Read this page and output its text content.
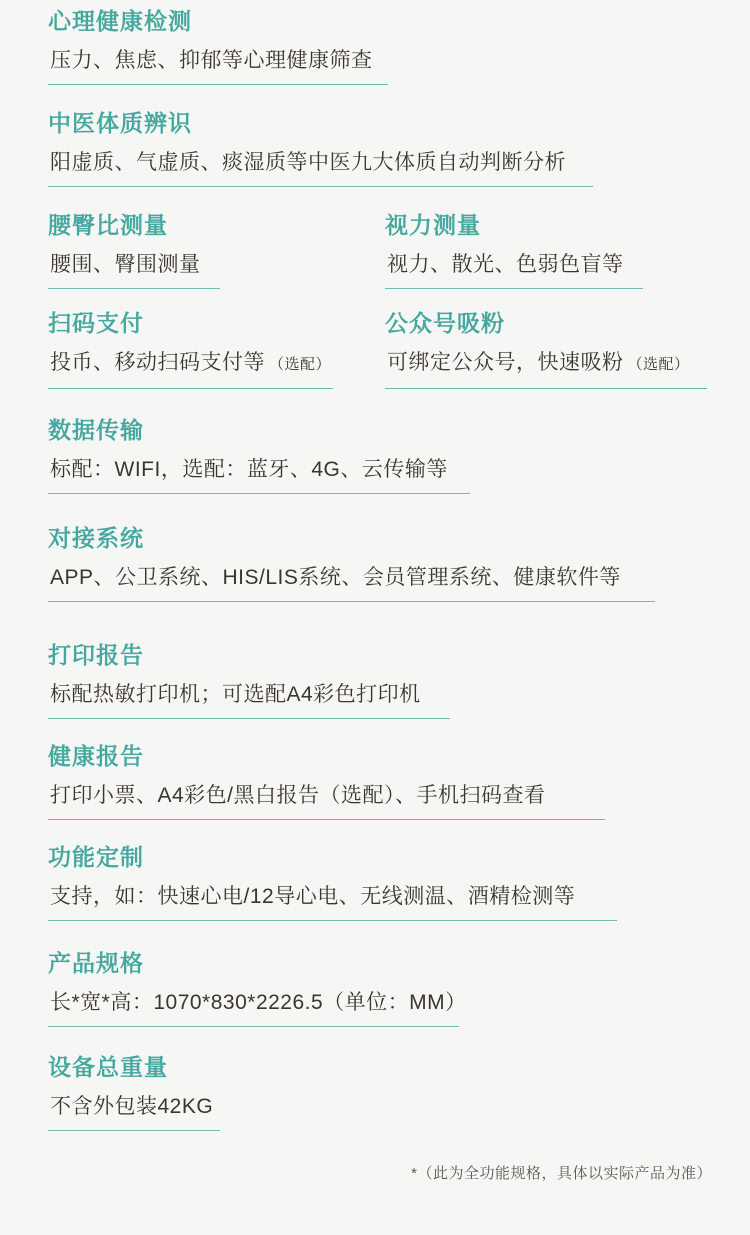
心理健康检测

压力、焦虑、抑郁等心理健康筛查

中医体质辨识

阳虚质、气虚质、痰湿质等中医九大体质自动判断分析

腰臀比测量

腰围、臀围测量

视力测量

视力、散光、色弱色盲等

扫码支付

投币、移动扫码支付等 （选配）

公众号吸粉

可绑定公众号，快速吸粉 （选配）

数据传输

标配：WIFI，选配：蓝牙、4G、云传输等

对接系统

APP、公卫系统、HIS/LIS系统、会员管理系统、健康软件等

打印报告

标配热敏打印机；可选配A4彩色打印机

健康报告

打印小票、A4彩色/黑白报告（选配）、手机扫码查看

功能定制

支持，如：快速心电/12导心电、无线测温、酒精检测等

产品规格

长*宽*高：1070*830*2226.5（单位：MM）

设备总重量

不含外包装42KG

*（此为全功能规格，具体以实际产品为准）
